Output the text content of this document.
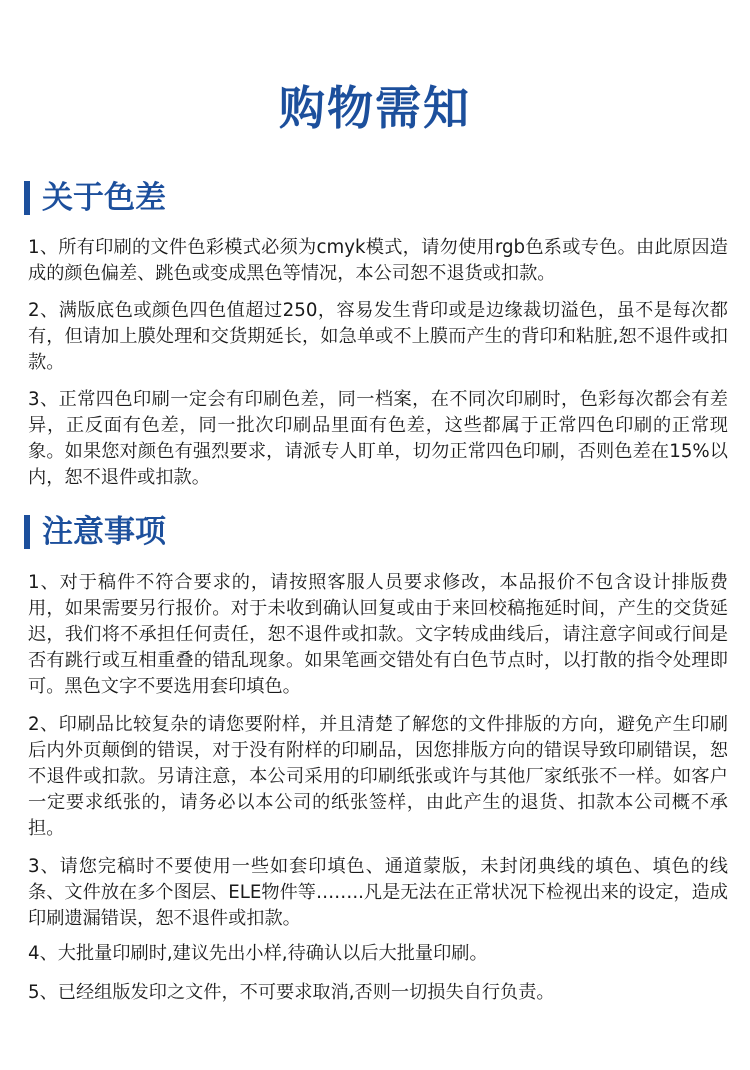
购物需知
关于色差
1、所有印刷的文件色彩模式必须为cmyk模式，请勿使用rgb色系或专色。由此原因造成的颜色偏差、跳色或变成黑色等情况，本公司恕不退货或扣款。
2、满版底色或颜色四色值超过250，容易发生背印或是边缘裁切溢色，虽不是每次都有，但请加上膜处理和交货期延长，如急单或不上膜而产生的背印和粘脏,恕不退件或扣款。
3、正常四色印刷一定会有印刷色差，同一档案，在不同次印刷时，色彩每次都会有差异，正反面有色差，同一批次印刷品里面有色差，这些都属于正常四色印刷的正常现象。如果您对颜色有强烈要求，请派专人盯单，切勿正常四色印刷，否则色差在15%以内，恕不退件或扣款。
注意事项
1、对于稿件不符合要求的，请按照客服人员要求修改，本品报价不包含设计排版费用，如果需要另行报价。对于未收到确认回复或由于来回校稿拖延时间，产生的交货延迟，我们将不承担任何责任，恕不退件或扣款。文字转成曲线后，请注意字间或行间是否有跳行或互相重叠的错乱现象。如果笔画交错处有白色节点时，以打散的指令处理即可。黑色文字不要选用套印填色。
2、印刷品比较复杂的请您要附样，并且清楚了解您的文件排版的方向，避免产生印刷后内外页颠倒的错误，对于没有附样的印刷品，因您排版方向的错误导致印刷错误，恕不退件或扣款。另请注意，本公司采用的印刷纸张或许与其他厂家纸张不一样。如客户一定要求纸张的，请务必以本公司的纸张签样，由此产生的退货、扣款本公司概不承担。
3、请您完稿时不要使用一些如套印填色、通道蒙版，未封闭典线的填色、填色的线条、文件放在多个图层、ELE物件等……..凡是无法在正常状况下检视出来的设定，造成印刷遗漏错误，恕不退件或扣款。
4、大批量印刷时,建议先出小样,待确认以后大批量印刷。
5、已经组版发印之文件，不可要求取消,否则一切损失自行负责。
